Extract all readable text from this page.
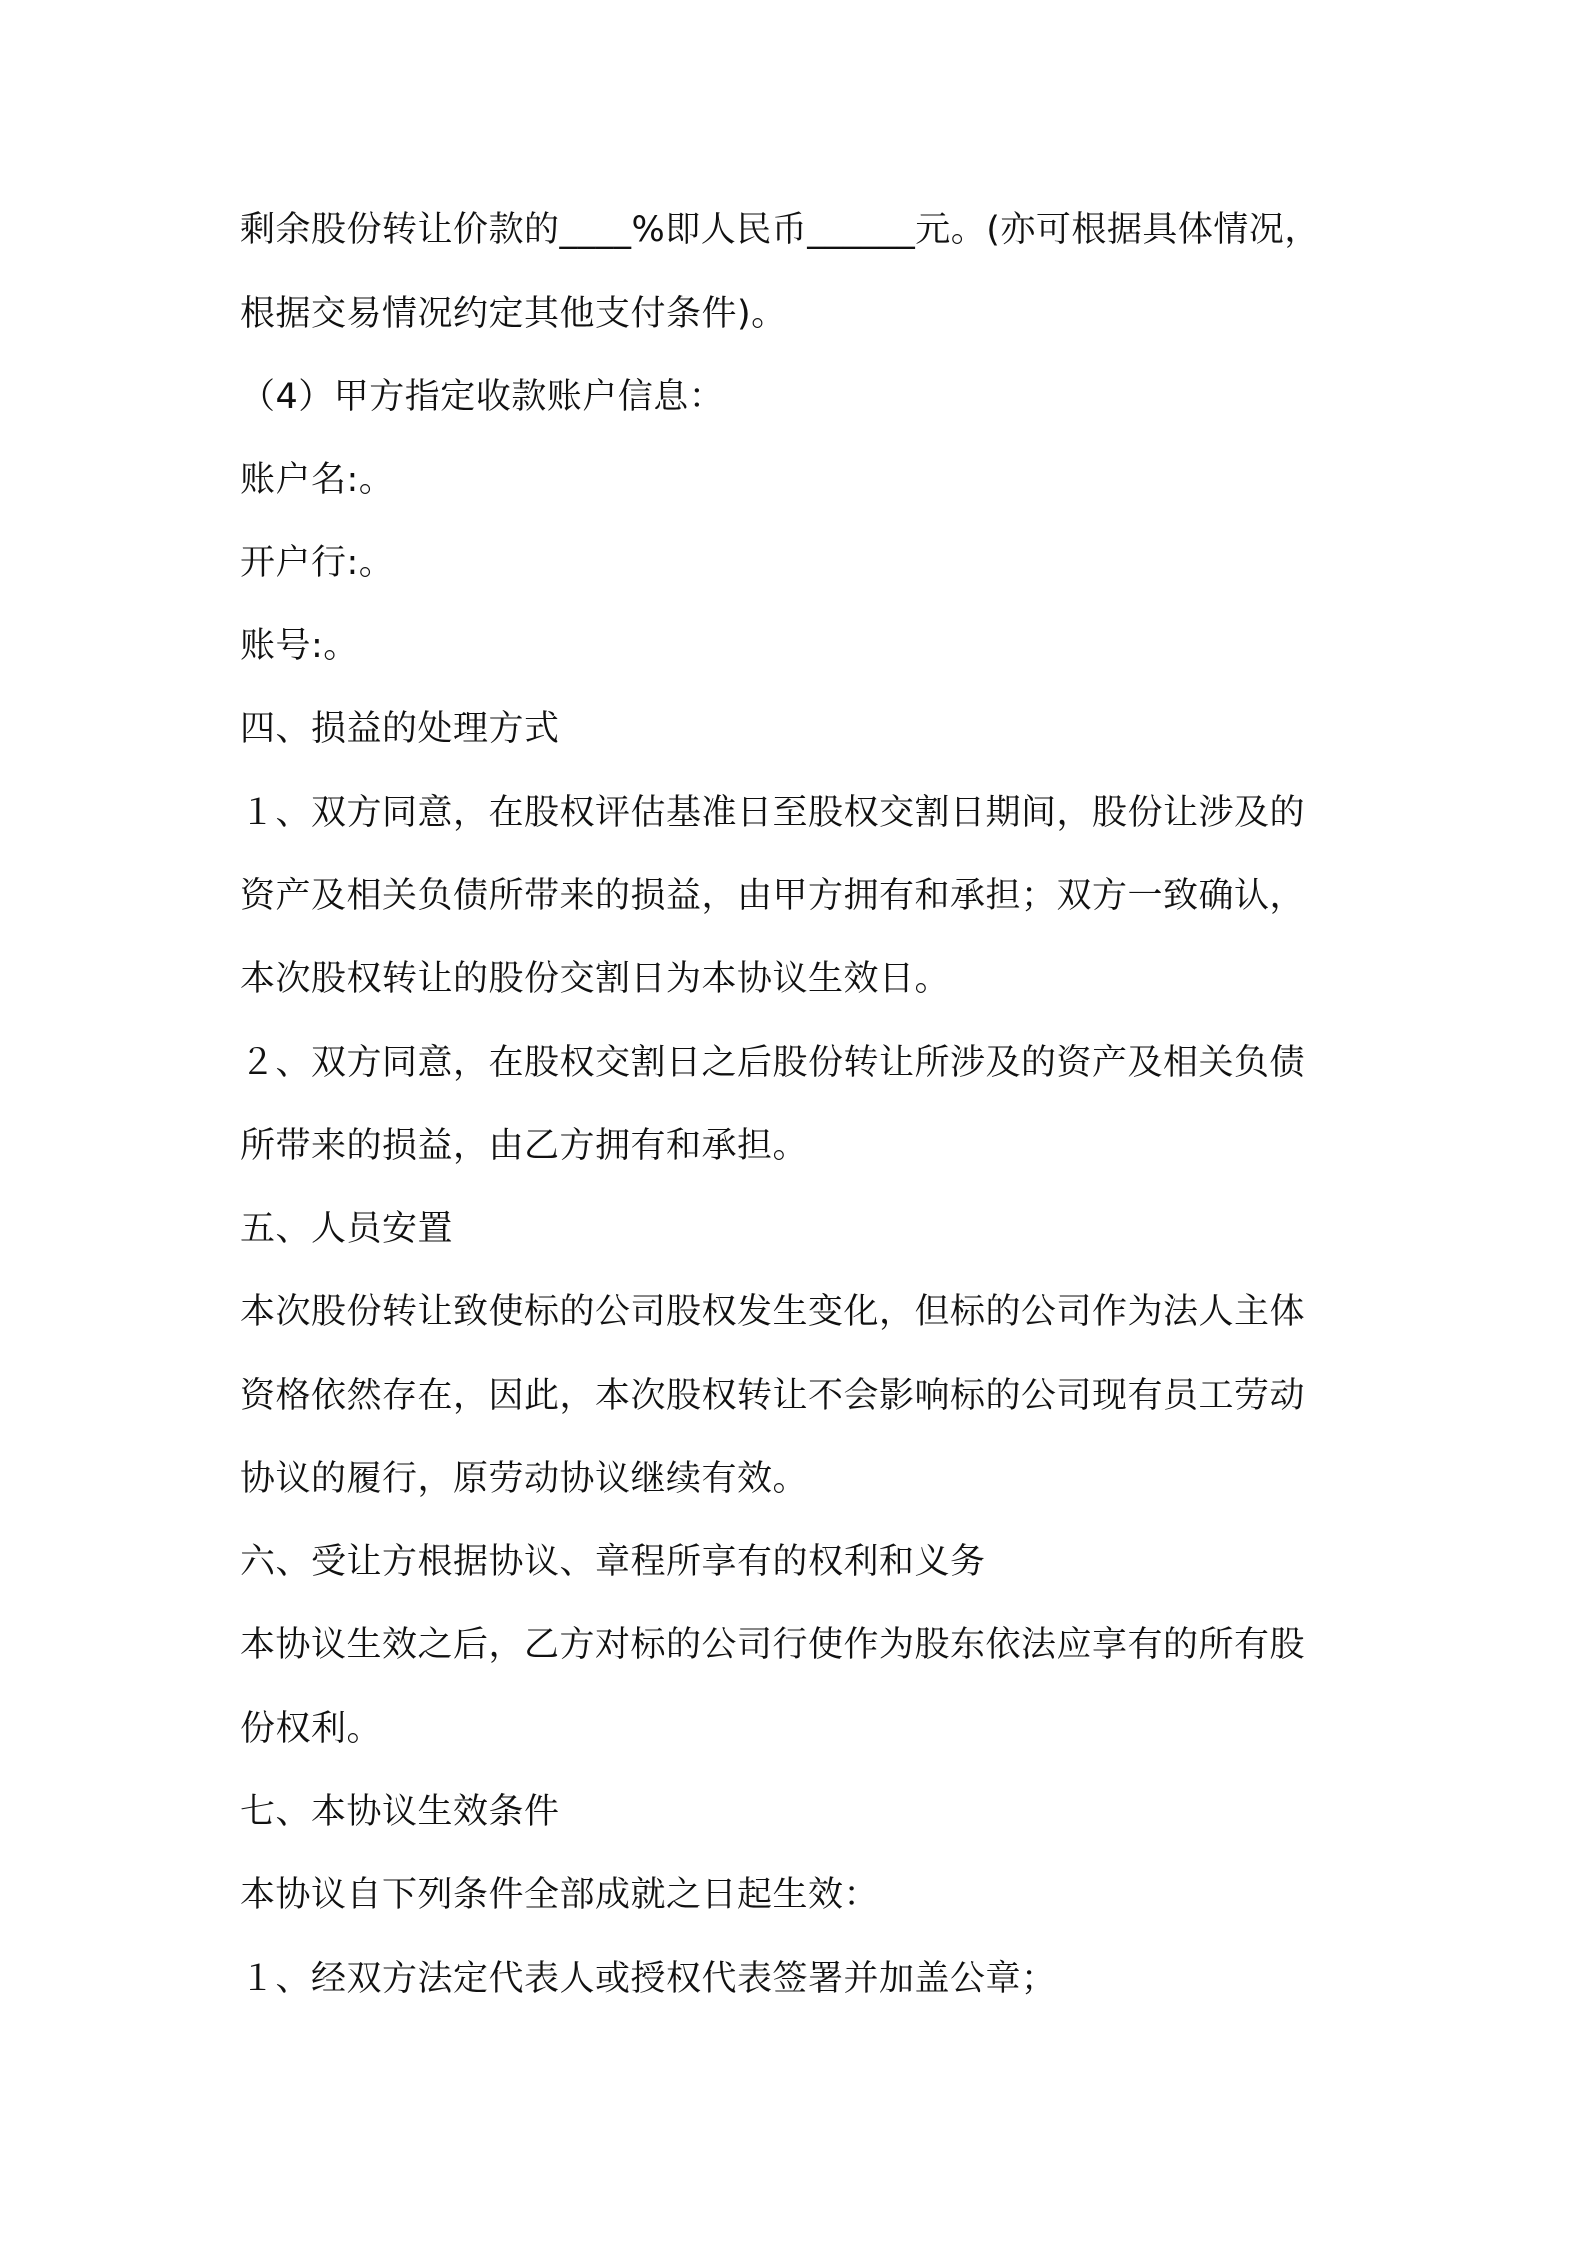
剩余股份转让价款的____%即人民币______元。(亦可根据具体情况，
根据交易情况约定其他支付条件)。
（4）甲方指定收款账户信息：
账户名:。
开户行:。
账号:。
四、损益的处理方式
１、双方同意，在股权评估基准日至股权交割日期间，股份让涉及的
资产及相关负债所带来的损益，由甲方拥有和承担；双方一致确认，
本次股权转让的股份交割日为本协议生效日。
２、双方同意，在股权交割日之后股份转让所涉及的资产及相关负债
所带来的损益，由乙方拥有和承担。
五、人员安置
本次股份转让致使标的公司股权发生变化，但标的公司作为法人主体
资格依然存在，因此，本次股权转让不会影响标的公司现有员工劳动
协议的履行，原劳动协议继续有效。
六、受让方根据协议、章程所享有的权利和义务
本协议生效之后，乙方对标的公司行使作为股东依法应享有的所有股
份权利。
七、本协议生效条件
本协议自下列条件全部成就之日起生效：
１、经双方法定代表人或授权代表签署并加盖公章；
